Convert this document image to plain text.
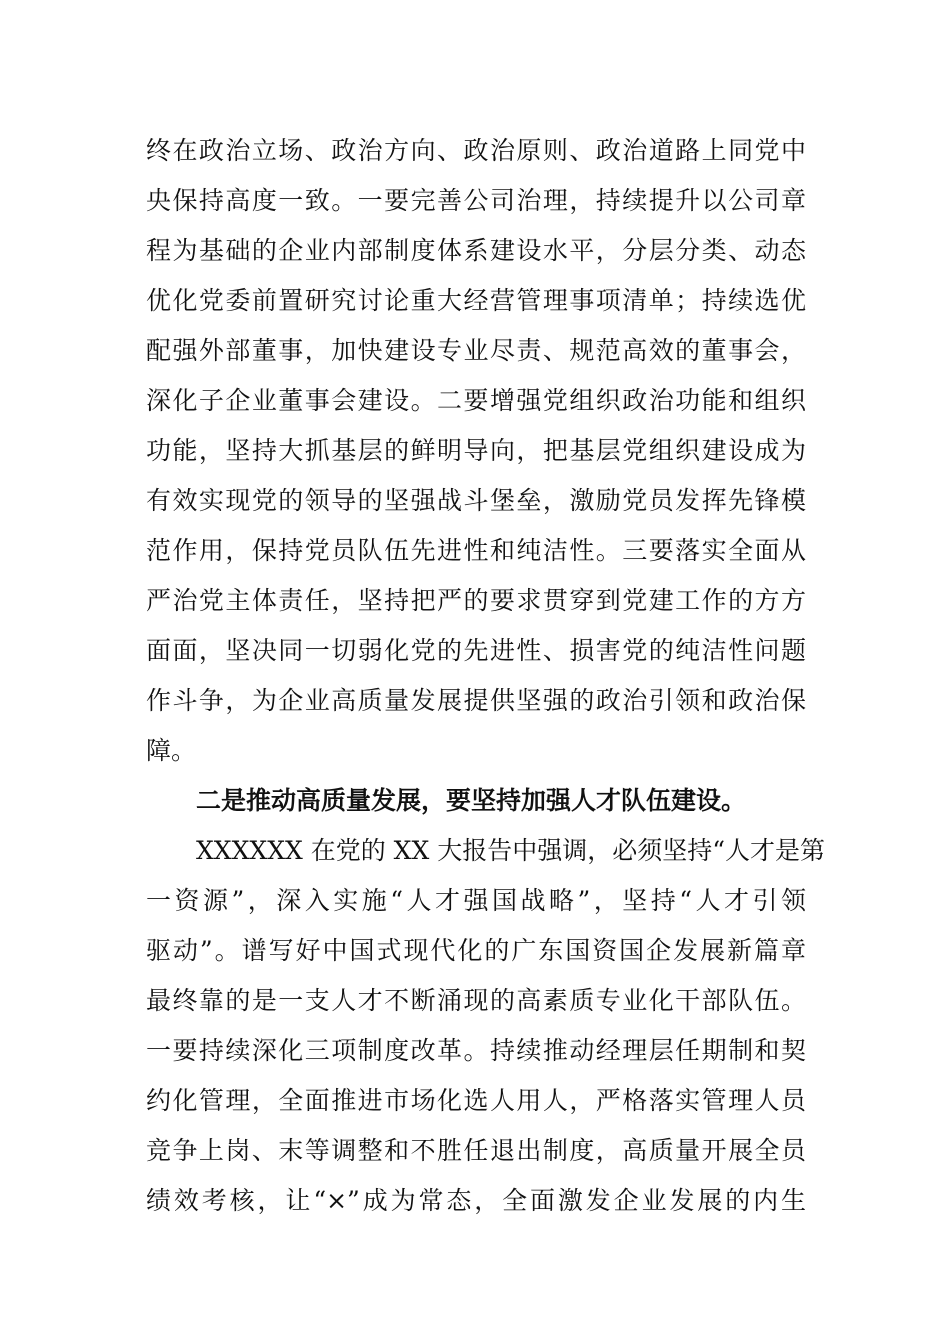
终在政治立场、政治方向、政治原则、政治道路上同党中
央保持高度一致。一要完善公司治理，持续提升以公司章
程为基础的企业内部制度体系建设水平，分层分类、动态
优化党委前置研究讨论重大经营管理事项清单；持续选优
配强外部董事，加快建设专业尽责、规范高效的董事会，
深化子企业董事会建设。二要增强党组织政治功能和组织
功能，坚持大抓基层的鲜明导向，把基层党组织建设成为
有效实现党的领导的坚强战斗堡垒，激励党员发挥先锋模
范作用，保持党员队伍先进性和纯洁性。三要落实全面从
严治党主体责任，坚持把严的要求贯穿到党建工作的方方
面面，坚决同一切弱化党的先进性、损害党的纯洁性问题
作斗争，为企业高质量发展提供坚强的政治引领和政治保
障。
二是推动高质量发展，要坚持加强人才队伍建设。
XXXXXX 在党的 XX 大报告中强调，必须坚持“人才是第
一资源”，深入实施“人才强国战略”，坚持“人才引领
驱动”。谱写好中国式现代化的广东国资国企发展新篇章
最终靠的是一支人才不断涌现的高素质专业化干部队伍。
一要持续深化三项制度改革。持续推动经理层任期制和契
约化管理，全面推进市场化选人用人，严格落实管理人员
竞争上岗、末等调整和不胜任退出制度，高质量开展全员
绩效考核，让“×”成为常态，全面激发企业发展的内生
